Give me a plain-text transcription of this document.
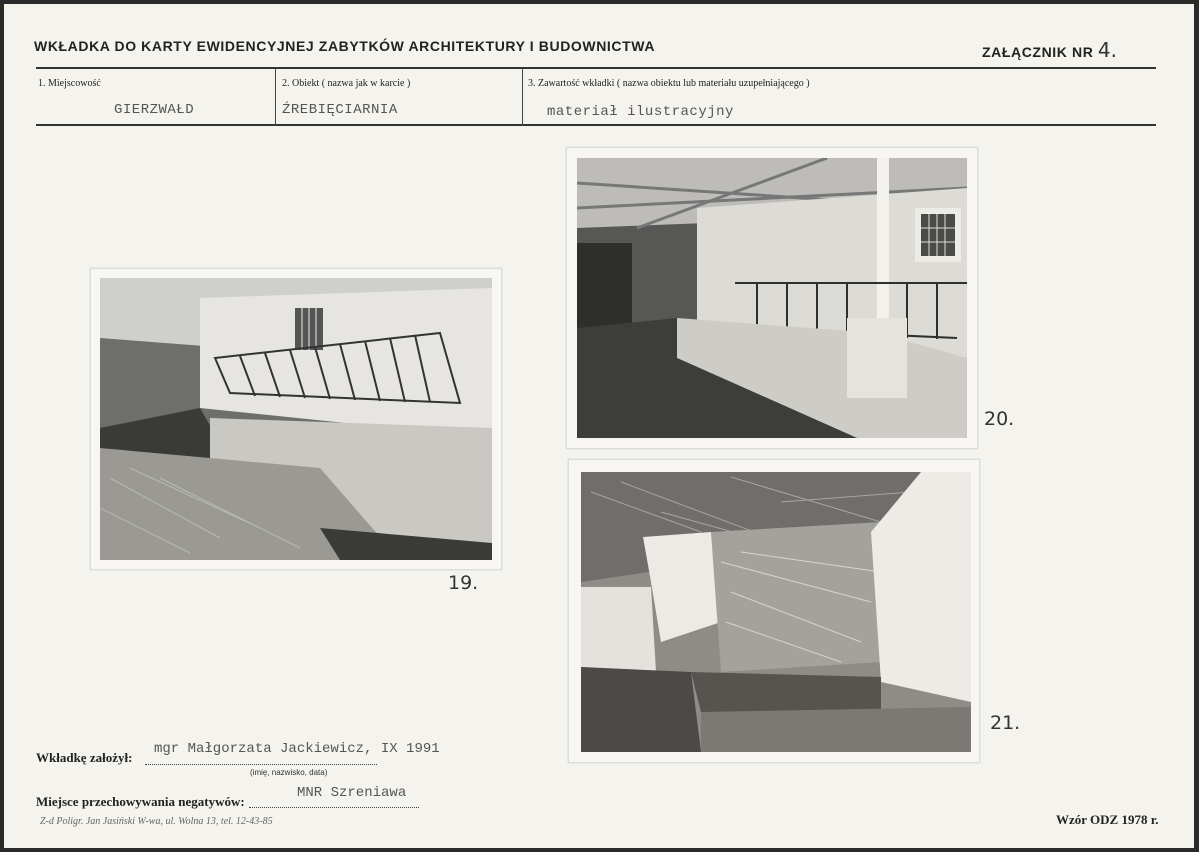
WKŁADKA DO KARTY EWIDENCYJNEJ ZABYTKÓW ARCHITEKTURY I BUDOWNICTWA	ZAŁĄCZNIK NR 4.
1. Miejscowość
GIERZWAŁD
2. Obiekt ( nazwa jak w karcie )
ŹREBIĘCIARNIA
3. Zawartość wkładki ( nazwa obiektu lub materiału uzupełniającego )
materiał ilustracyjny
19.
20.
21.
Wkładkę założył:
mgr Małgorzata Jackiewicz, IX 1991
(imię, nazwisko, data)
Miejsce przechowywania negatywów:
MNR Szreniawa
Z-d Poligr. Jan Jasiński W-wa, ul. Wolna 13, tel. 12-43-85	Wzór ODZ 1978 r.
